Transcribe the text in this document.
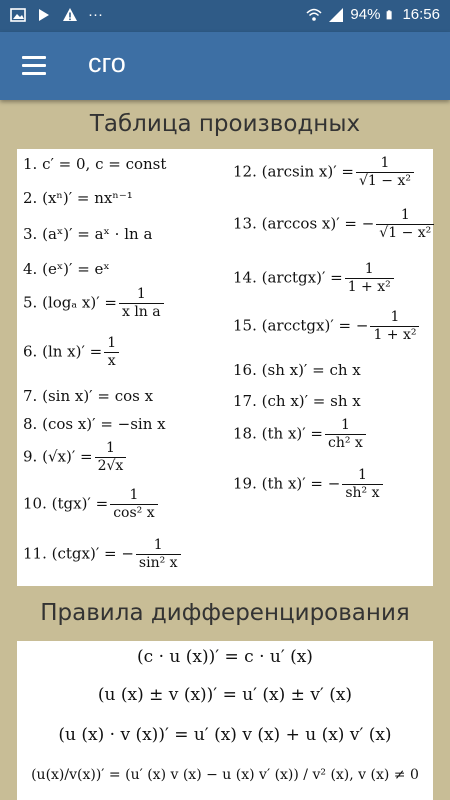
···	94% 16:56
сго
Таблица производных
1. c′ = 0, c = const
2. (xⁿ)′ = nxⁿ⁻¹
3. (aˣ)′ = aˣ · ln a
4. (eˣ)′ = eˣ
5. (logₐ $x)' = \frac{1}{\text{x ln a}}$
6. (ln $x)' = \frac{1}{x}$
7. (sin x)′ = cos x
8. (cos x)′ = −sin x
9. $(√x)' = \frac{1}{2√x}$
10. $(tgx)' = \frac{1}{\text{cos² x}}$
11. (ctgx)′ = − $\frac{1}{\text{sin² x}}$
12. (arcsin $x)' = \frac{1}{\text{√1 − x²}}$
13. (arccos x)′ = − $\frac{1}{\text{√1 − x²}}$
14. (arctgx)′ = $\frac{1}{\text{1 + x²}}$
15. (arcctgx)′ = − $\frac{1}{\text{1 + x²}}$
16. (sh x)′ = ch x
17. (ch x)′ = sh x
18. (th $x)' = \frac{1}{\text{ch² x}}$
19. (th x)′ = − $\frac{1}{\text{sh² x}}$
Правила дифференцирования
(c · u (x))′ = c · u′ (x)
(u (x) ± v (x))′ = u′ (x) ± v′ (x)
(u (x) · v (x))′ = u′ (x) v (x) + u (x) v′ (x)
(u(x)/v(x))′ = (u′ (x) v (x) − u (x) v′ (x)) / v² (x), v (x) ≠ 0
